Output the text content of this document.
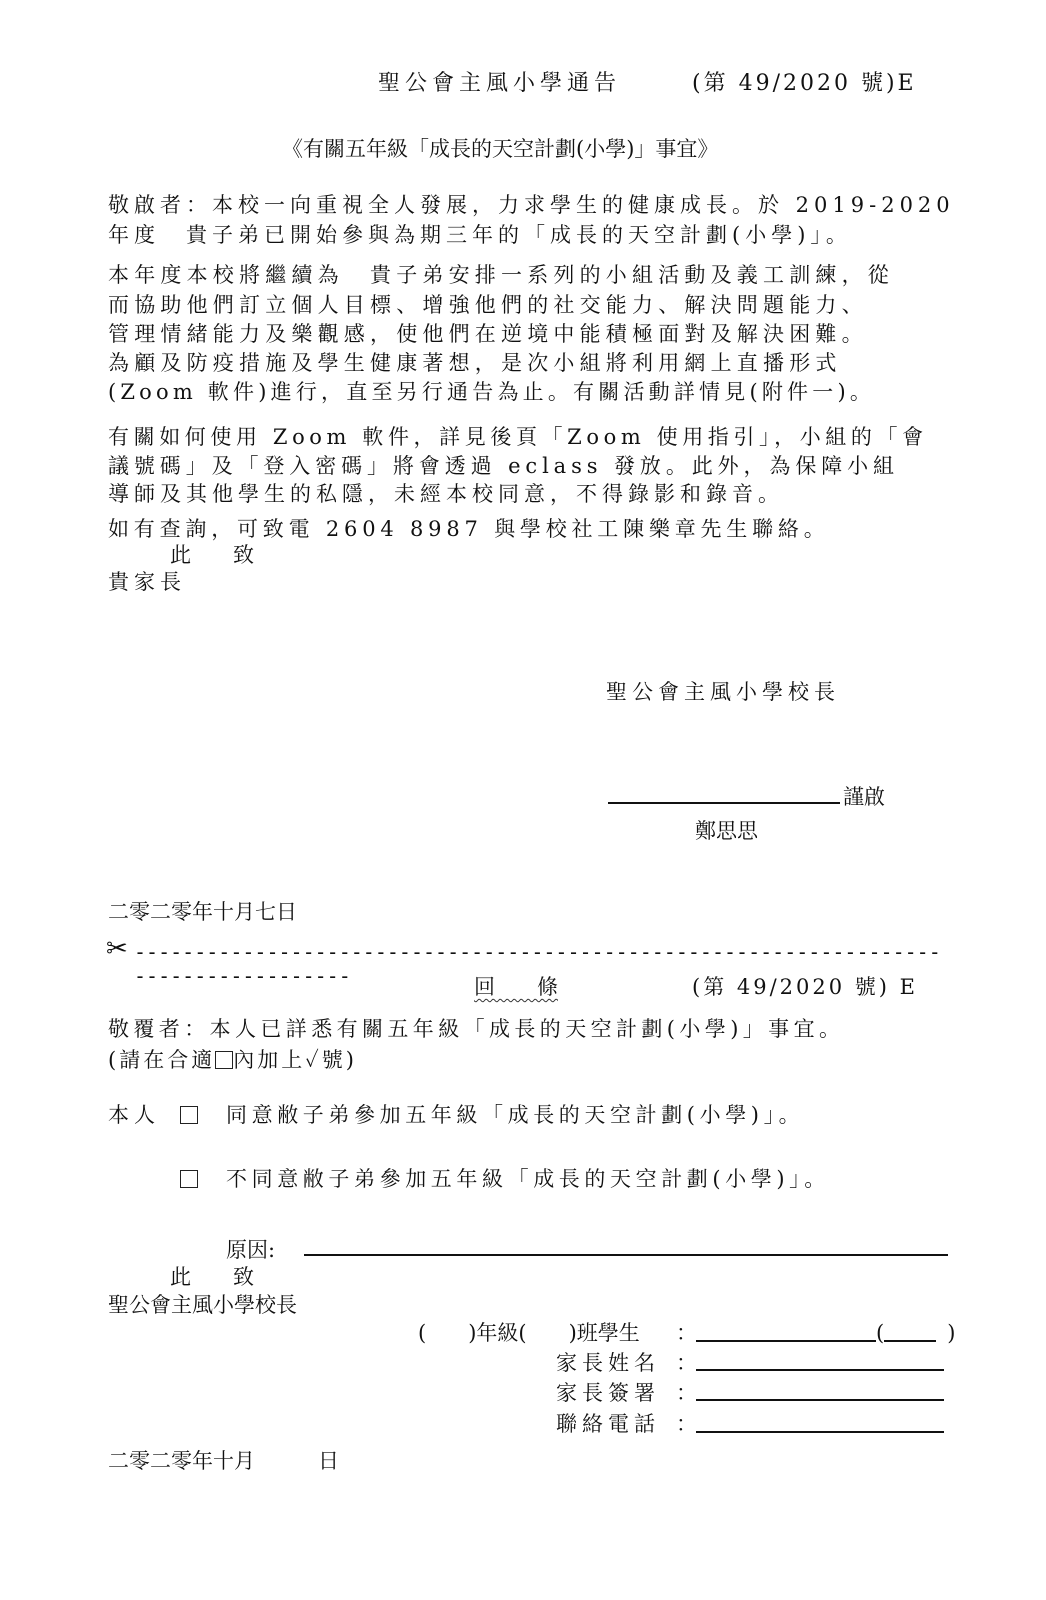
聖公會主風小學通告	(第 49/2020 號)E
《有關五年級「成長的天空計劃(小學)」事宜》
敬啟者：本校一向重視全人發展，力求學生的健康成長。於 2019-2020
年度　貴子弟已開始參與為期三年的「成長的天空計劃(小學)」。
本年度本校將繼續為　貴子弟安排一系列的小組活動及義工訓練，從
而協助他們訂立個人目標、增強他們的社交能力、解決問題能力、
管理情緒能力及樂觀感，使他們在逆境中能積極面對及解決困難。
為顧及防疫措施及學生健康著想，是次小組將利用網上直播形式
(Zoom 軟件)進行，直至另行通告為止。有關活動詳情見(附件一)。
有關如何使用 Zoom 軟件，詳見後頁「Zoom 使用指引」，小組的「會
議號碼」及「登入密碼」將會透過 eclass 發放。此外，為保障小組
導師及其他學生的私隱，未經本校同意，不得錄影和錄音。
如有查詢，可致電 2604 8987 與學校社工陳樂章先生聯絡。
此　　致
貴家長
聖公會主風小學校長
謹啟
鄭思思
二零二零年十月七日
✂ -------------------------------------------------------------------------------------	回　　條	(第 49/2020 號) E
敬覆者：本人已詳悉有關五年級「成長的天空計劃(小學)」事宜。
(請在合適 內加上✓號)
本人	同意敝子弟參加五年級「成長的天空計劃(小學)」。
不同意敝子弟參加五年級「成長的天空計劃(小學)」。
原因:
此　　致
聖公會主風小學校長
(　　)年級(　　)班學生 ：	(　　　)
家長姓名 ：
家長簽署 ：
聯絡電話 ：
二零二零年十月　　　日
